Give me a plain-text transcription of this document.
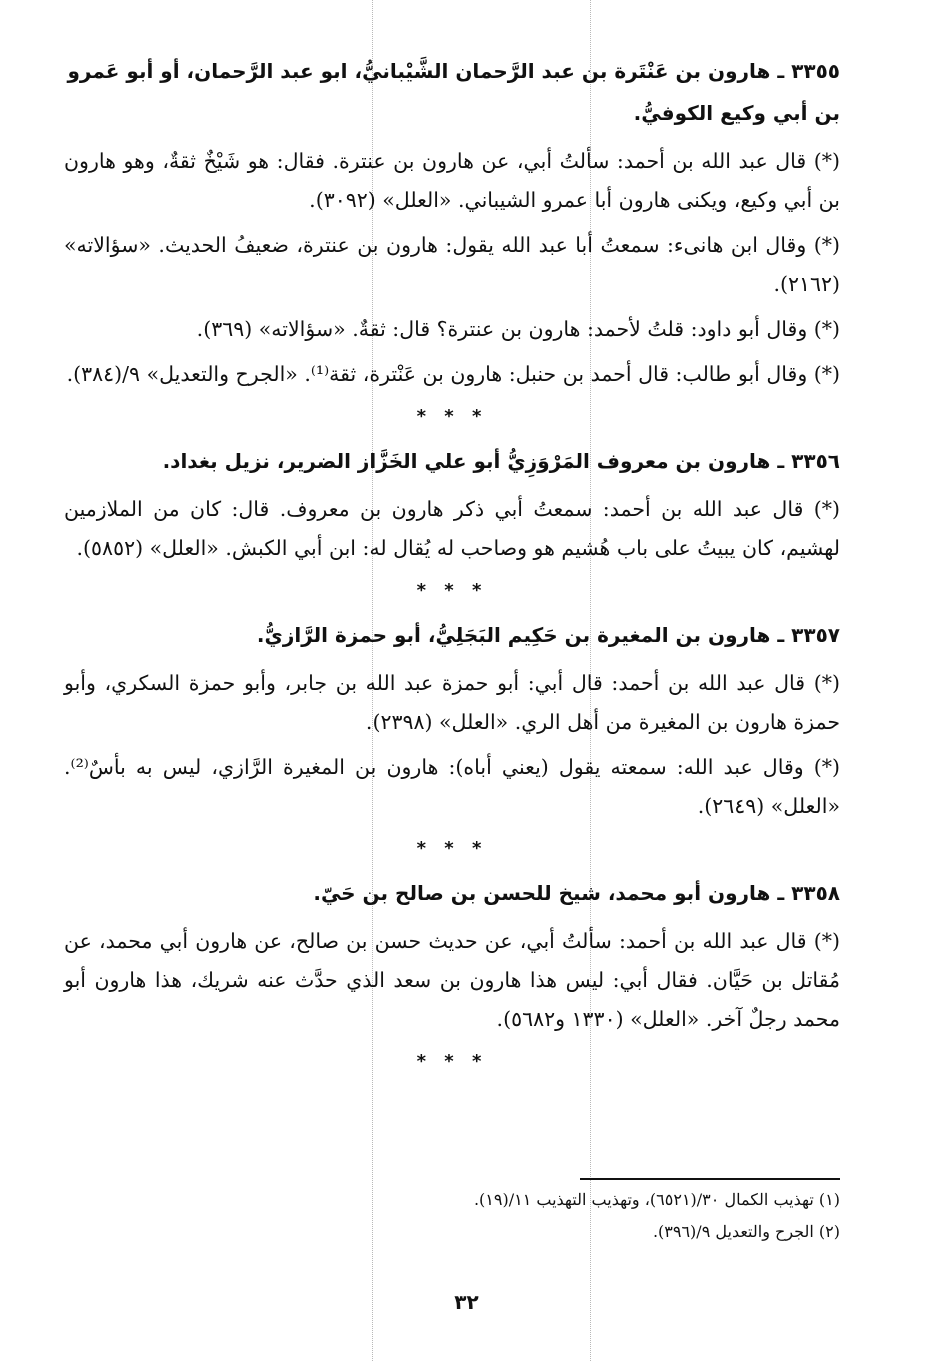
٣٣٥٥ ـ هارون بن عَنْتَرة بن عبد الرَّحمان الشَّيْبانيُّ، ابو عبد الرَّحمان، أو أبو عَمرو بن أبي وكيع الكوفيُّ.

(*) قال عبد الله بن أحمد: سألتُ أبي، عن هارون بن عنترة. فقال: هو شَيْخٌ ثقةٌ، وهو هارون بن أبي وكيع، ويكنى هارون أبا عمرو الشيباني. «العلل» (٣٠٩٢).

(*) وقال ابن هانىء: سمعتُ أبا عبد الله يقول: هارون بن عنترة، ضعيفُ الحديث. «سؤالاته» (٢١٦٢).

(*) وقال أبو داود: قلتُ لأحمد: هارون بن عنترة؟ قال: ثقةٌ. «سؤالاته» (٣٦٩).

(*) وقال أبو طالب: قال أحمد بن حنبل: هارون بن عَنْترة، ثقة⁽¹⁾. «الجرح والتعديل» ٩/(٣٨٤).

* * *
٣٣٥٦ ـ هارون بن معروف المَرْوَزِيُّ أبو علي الخَزَّاز الضرير، نزيل بغداد.

(*) قال عبد الله بن أحمد: سمعتُ أبي ذكر هارون بن معروف. قال: كان من الملازمين لهشيم، كان يبيتُ على باب هُشيم هو وصاحب له يُقال له: ابن أبي الكبش. «العلل» (٥٨٥٢).

* * *
٣٣٥٧ ـ هارون بن المغيرة بن حَكِيم البَجَلِيُّ، أبو حمزة الرَّازيُّ.

(*) قال عبد الله بن أحمد: قال أبي: أبو حمزة عبد الله بن جابر، وأبو حمزة السكري، وأبو حمزة هارون بن المغيرة من أهل الري. «العلل» (٢٣٩٨).

(*) وقال عبد الله: سمعته يقول (يعني أباه): هارون بن المغيرة الرَّازي، ليس به بأسٌ⁽²⁾. «العلل» (٢٦٤٩).

* * *
٣٣٥٨ ـ هارون أبو محمد، شيخ للحسن بن صالح بن حَيّ.

(*) قال عبد الله بن أحمد: سألتُ أبي، عن حديث حسن بن صالح، عن هارون أبي محمد، عن مُقاتل بن حَيَّان. فقال أبي: ليس هذا هارون بن سعد الذي حدَّث عنه شريك، هذا هارون أبو محمد رجلٌ آخر. «العلل» (١٣٣٠ و٥٦٨٢).

* * *

(١) تهذيب الكمال ٣٠/(٦٥٢١)، وتهذيب التهذيب ١١/(١٩).

(٢) الجرح والتعديل ٩/(٣٩٦).

٣٢
